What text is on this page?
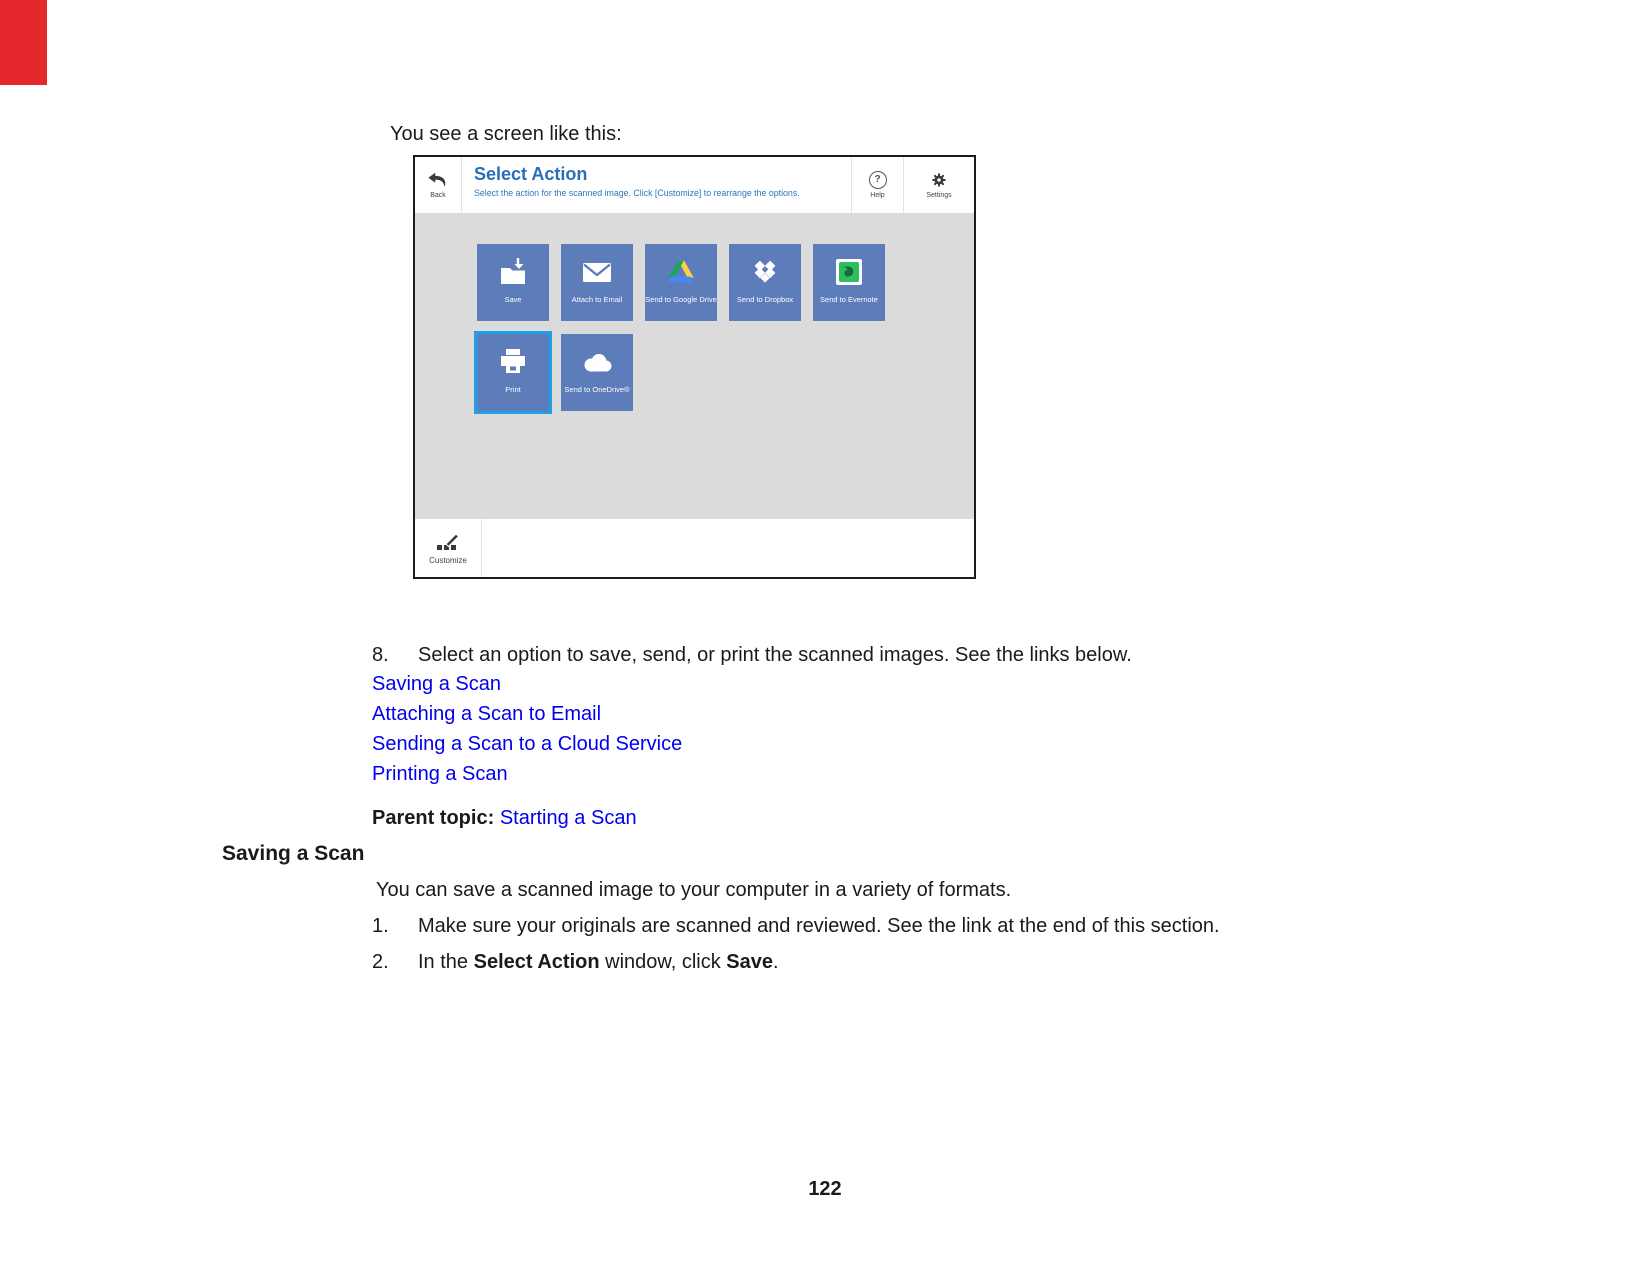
You see a screen like this:

Back
Select Action
Select the action for the scanned image. Click [Customize] to rearrange the options.
?
Help	Settings
Save	Attach to Email	Send to Google Drive	Send to Dropbox	Send to Evernote
Print	Send to OneDrive®
Customize
8.	Select an option to save, send, or print the scanned images. See the links below.
Saving a Scan
Attaching a Scan to Email
Sending a Scan to a Cloud Service
Printing a Scan
Parent topic: Starting a Scan
Saving a Scan
You can save a scanned image to your computer in a variety of formats.
1.	Make sure your originals are scanned and reviewed. See the link at the end of this section.
2.	In the Select Action window, click Save.
122
